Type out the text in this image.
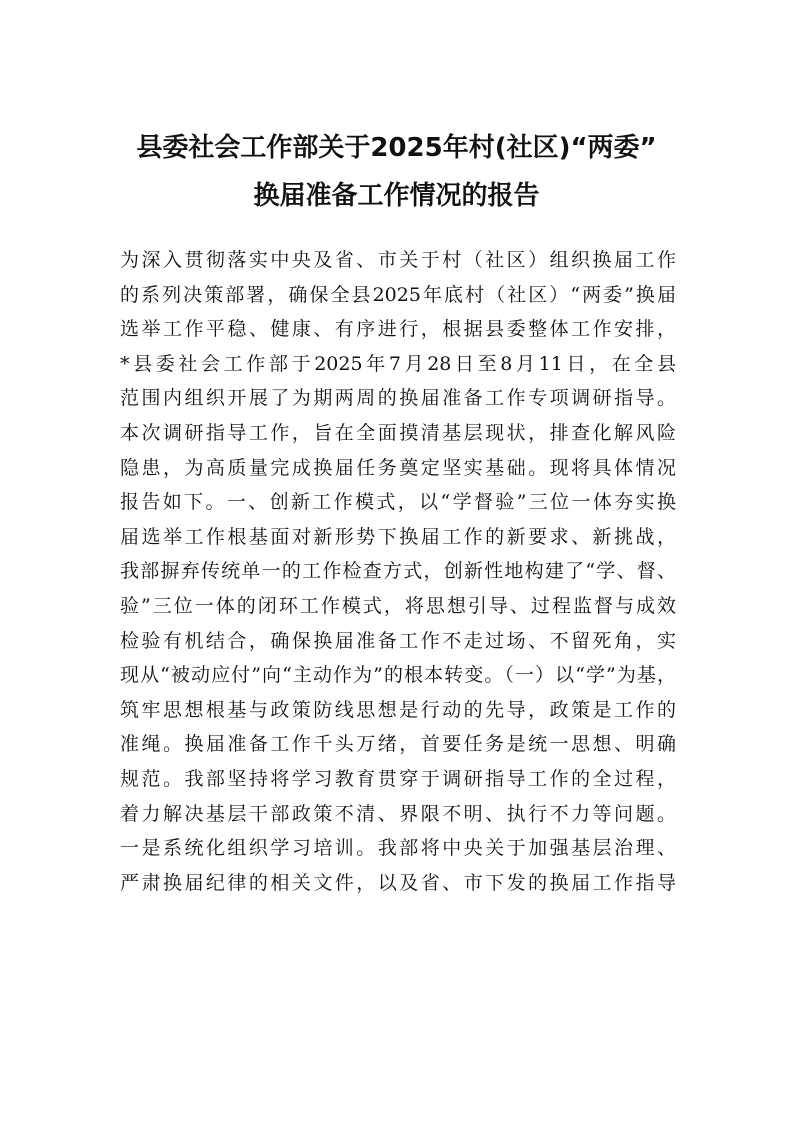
县委社会工作部关于2025年村(社区)“两委”
换届准备工作情况的报告
为深入贯彻落实中央及省、市关于村（社区）组织换届工作
的系列决策部署，确保全县2025年底村（社区）“两委”换届
选举工作平稳、健康、有序进行，根据县委整体工作安排，
*县委社会工作部于2025年7月28日至8月11日，在全县
范围内组织开展了为期两周的换届准备工作专项调研指导。
本次调研指导工作，旨在全面摸清基层现状，排查化解风险
隐患，为高质量完成换届任务奠定坚实基础。现将具体情况
报告如下。一、创新工作模式，以“学督验”三位一体夯实换
届选举工作根基面对新形势下换届工作的新要求、新挑战，
我部摒弃传统单一的工作检查方式，创新性地构建了“学、督、
验”三位一体的闭环工作模式，将思想引导、过程监督与成效
检验有机结合，确保换届准备工作不走过场、不留死角，实
现从“被动应付”向“主动作为”的根本转变。（一）以“学”为基，
筑牢思想根基与政策防线思想是行动的先导，政策是工作的
准绳。换届准备工作千头万绪，首要任务是统一思想、明确
规范。我部坚持将学习教育贯穿于调研指导工作的全过程，
着力解决基层干部政策不清、界限不明、执行不力等问题。
一是系统化组织学习培训。我部将中央关于加强基层治理、
严肃换届纪律的相关文件，以及省、市下发的换届工作指导
